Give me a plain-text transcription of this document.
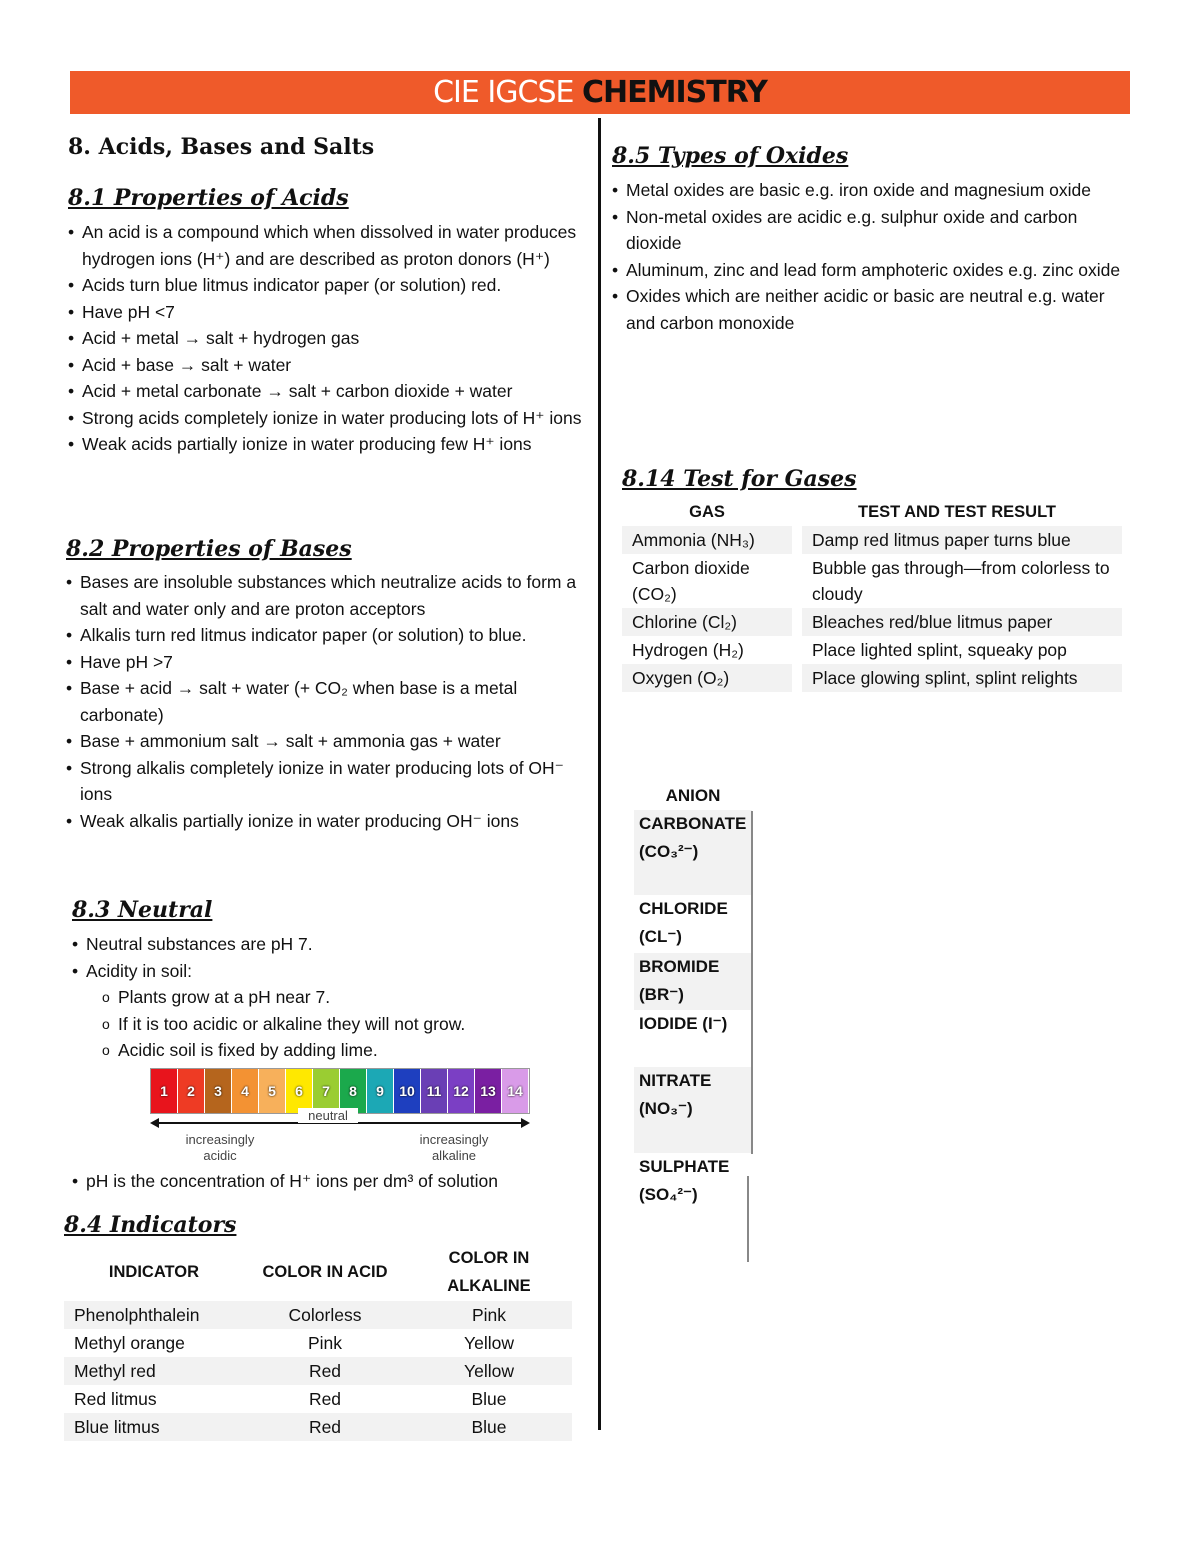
CIE IGCSE CHEMISTRY
8. Acids, Bases and Salts
8.1 Properties of Acids
• An acid is a compound which when dissolved in water produces hydrogen ions (H⁺) and are described as proton donors (H⁺)
• Acids turn blue litmus indicator paper (or solution) red.
• Have pH <7
• Acid + metal → salt + hydrogen gas
• Acid + base → salt + water
• Acid + metal carbonate → salt + carbon dioxide + water
• Strong acids completely ionize in water producing lots of H⁺ ions
• Weak acids partially ionize in water producing few H⁺ ions
8.2 Properties of Bases
• Bases are insoluble substances which neutralize acids to form a salt and water only and are proton acceptors
• Alkalis turn red litmus indicator paper (or solution) to blue.
• Have pH >7
• Base + acid → salt + water (+ CO₂ when base is a metal carbonate)
• Base + ammonium salt → salt + ammonia gas + water
• Strong alkalis completely ionize in water producing lots of OH⁻ ions
• Weak alkalis partially ionize in water producing OH⁻ ions
8.3 Neutral
• Neutral substances are pH 7.
• Acidity in soil:
o Plants grow at a pH near 7.
o If it is too acidic or alkaline they will not grow.
o Acidic soil is fixed by adding lime.
1	2	3	4	5	6	7	8	9	10 11 12 13 14
increasingly acidic
neutral
increasingly alkaline
• pH is the concentration of H⁺ ions per dm³ of solution
8.4 Indicators
INDICATOR	COLOR IN ACID	COLOR IN ALKALINE
Phenolphthalein	Colorless	Pink
Methyl orange	Pink	Yellow
Methyl red	Red	Yellow
Red litmus	Red	Blue
Blue litmus	Red	Blue
8.5 Types of Oxides
• Metal oxides are basic e.g. iron oxide and magnesium oxide
• Non-metal oxides are acidic e.g. sulphur oxide and carbon dioxide
• Aluminum, zinc and lead form amphoteric oxides e.g. zinc oxide
• Oxides which are neither acidic or basic are neutral e.g. water and carbon monoxide
8.14 Test for Gases
GAS	TEST AND TEST RESULT
Ammonia (NH₃)	Damp red litmus paper turns blue
Carbon dioxide (CO₂)	Bubble gas through—from colorless to cloudy
Chlorine (Cl₂)	Bleaches red/blue litmus paper
Hydrogen (H₂)	Place lighted splint, squeaky pop
Oxygen (O₂)	Place glowing splint, splint relights
ANION
CARBONATE (CO₃²⁻)
CHLORIDE (CL⁻)
BROMIDE (BR⁻)
IODIDE (I⁻)
NITRATE (NO₃⁻)
SULPHATE (SO₄²⁻)
